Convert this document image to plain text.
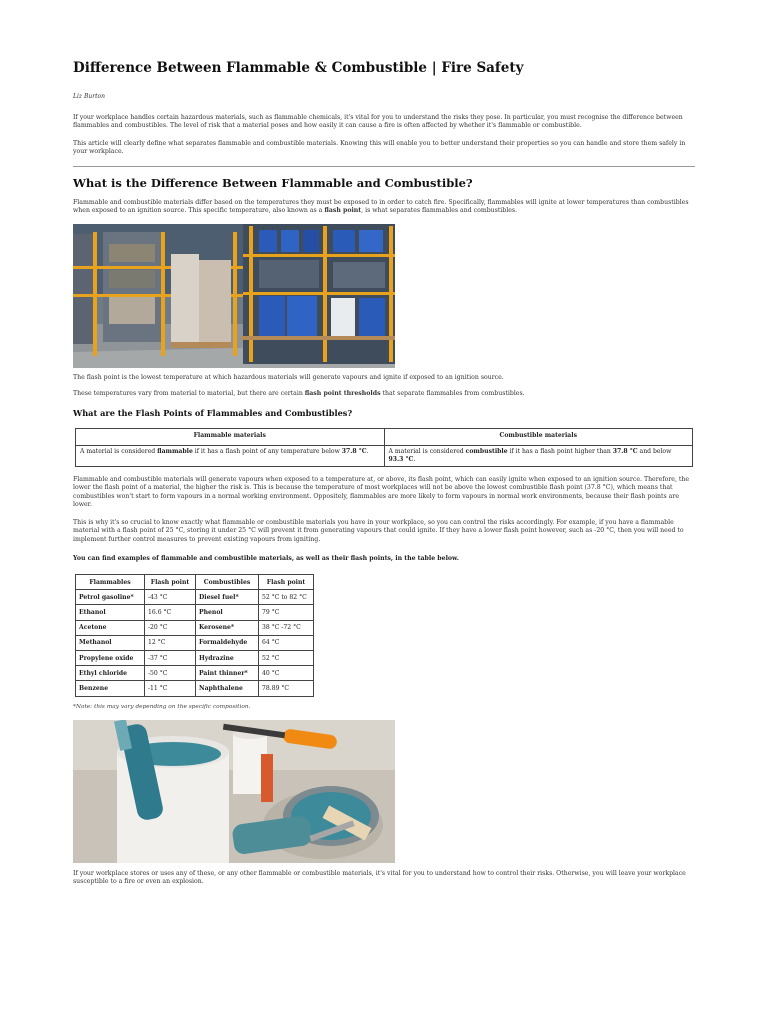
Difference Between Flammable & Combustible | Fire Safety
Liz Burton

If your workplace handles certain hazardous materials, such as flammable chemicals, it's vital for you to understand the risks they pose. In particular, you must recognise the difference between flammables and combustibles. The level of risk that a material poses and how easily it can cause a fire is often affected by whether it's flammable or combustible.

This article will clearly define what separates flammable and combustible materials. Knowing this will enable you to better understand their properties so you can handle and store them safely in your workplace.

What is the Difference Between Flammable and Combustible?

Flammable and combustible materials differ based on the temperatures they must be exposed to in order to catch fire. Specifically, flammables will ignite at lower temperatures than combustibles when exposed to an ignition source. This specific temperature, also known as a flash point, is what separates flammables and combustibles.

The flash point is the lowest temperature at which hazardous materials will generate vapours and ignite if exposed to an ignition source.

These temperatures vary from material to material, but there are certain flash point thresholds that separate flammables from combustibles.

What are the Flash Points of Flammables and Combustibles?
Flammable materials	Combustible materials
A material is considered flammable if it has a flash point of any temperature below 37.8 °C.	A material is considered combustible if it has a flash point higher than 37.8 °C and below 93.3 °C.

Flammable and combustible materials will generate vapours when exposed to a temperature at, or above, its flash point, which can easily ignite when exposed to an ignition source. Therefore, the lower the flash point of a material, the higher the risk is. This is because the temperature of most workplaces will not be above the lowest combustible flash point (37.8 °C), which means that combustibles won't start to form vapours in a normal working environment. Oppositely, flammables are more likely to form vapours in normal work environments, because their flash points are lower.

This is why it's so crucial to know exactly what flammable or combustible materials you have in your workplace, so you can control the risks accordingly. For example, if you have a flammable material with a flash point of 25 °C, storing it under 25 °C will prevent it from generating vapours that could ignite. If they have a lower flash point however, such as -20 °C, then you will need to implement further control measures to prevent existing vapours from igniting.

You can find examples of flammable and combustible materials, as well as their flash points, in the table below.

Flammables	Flash point	Combustibles	Flash point
Petrol gasoline*	-43 °C	Diesel fuel*	52 °C to 82 °C
Ethanol	16.6 °C	Phenol	79 °C
Acetone	-20 °C	Kerosene*	38 °C -72 °C
Methanol	12 °C	Formaldehyde	64 °C
Propylene oxide	-37 °C	Hydrazine	52 °C
Ethyl chloride	-50 °C	Paint thinner*	40 °C
Benzene	-11 °C	Naphthalene	78.89 °C
*Note: this may vary depending on the specific composition.

If your workplace stores or uses any of these, or any other flammable or combustible materials, it's vital for you to understand how to control their risks. Otherwise, you will leave your workplace susceptible to a fire or even an explosion.
